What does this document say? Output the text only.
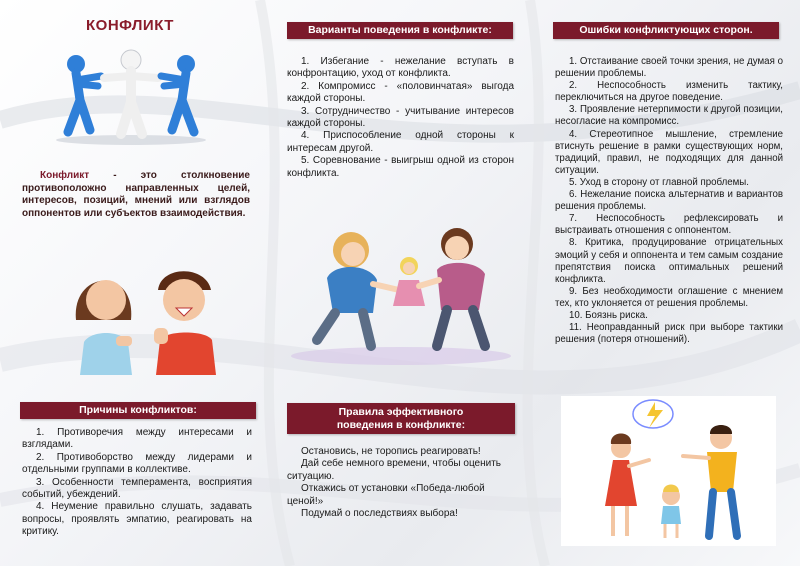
КОНФЛИКТ
Конфликт - это столкновение противоположно направленных целей, интересов, позиций, мнений или взглядов оппонентов или субъектов взаимодействия.
Причины конфликтов:

1. Противоречия между интересами и взглядами.

2. Противоборство между лидерами и отдельными группами в коллективе.

3. Особенности темперамента, восприятия событий, убеждений.

4. Неумение правильно слушать, задавать вопросы, проявлять эмпатию, реагировать на критику.

Варианты поведения в конфликте:

1. Избегание - нежелание вступать в конфронтацию, уход от конфликта.

2. Компромисс - «половинчатая» выгода каждой стороны.

3. Сотрудничество - учитывание интересов каждой стороны.

4. Приспособление одной стороны к интересам другой.

5. Соревнование - выигрыш одной из сторон конфликта.

Правила эффективного
поведения в конфликте:

Остановись, не торопись реагировать!

Дай себе немного времени, чтобы оценить ситуацию.

Откажись от установки «Победа-любой ценой!»

Подумай о последствиях выбора!

Ошибки конфликтующих сторон.

1. Отстаивание своей точки зрения, не думая о решении проблемы.

2. Неспособность изменить тактику, переключиться на другое поведение.

3. Проявление нетерпимости к другой позиции, несогласие на компромисс.

4. Стереотипное мышление, стремление втиснуть решение в рамки существующих норм, традиций, правил, не подходящих для данной ситуации.

5. Уход в сторону от главной проблемы.

6. Нежелание поиска альтернатив и вариантов решения проблемы.

7. Неспособность рефлексировать и выстраивать отношения с оппонентом.

8. Критика, продуцирование отрицательных эмоций у себя и оппонента и тем самым создание препятствия поиска оптимальных решений конфликта.

9. Без необходимости оглашение с мнением тех, кто уклоняется от решения проблемы.

10. Боязнь риска.

11. Неоправданный риск при выборе тактики решения (потеря отношений).
